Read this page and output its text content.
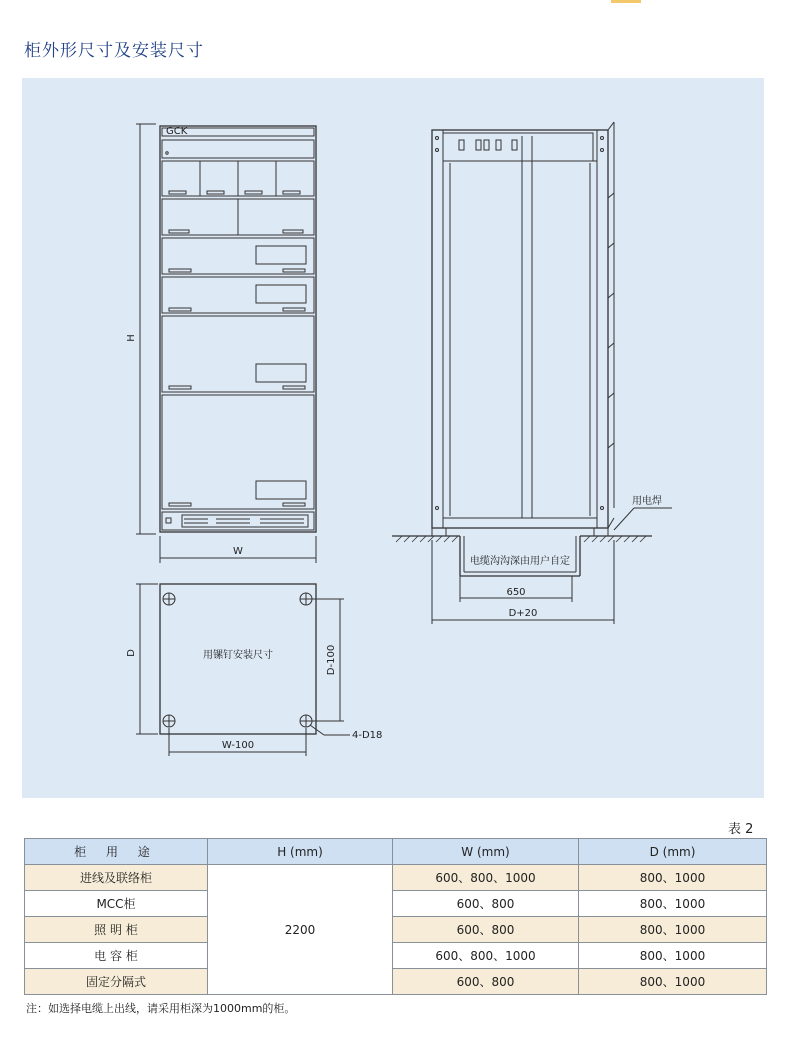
柜外形尺寸及安装尺寸
GCK
H
W
D	D-100
W-100
4-D18
用镙钉安装尺寸
用电焊
电缆沟沟深由用户自定
650
D+20
表 2
柜 用 途	H (mm)	W (mm)	D (mm)
进线及联络柜	2200	600、800、1000	800、1000
MCC柜		600、800	800、1000
照 明 柜		600、800	800、1000
电 容 柜		600、800、1000	800、1000
固定分隔式		600、800	800、1000
注：如选择电缆上出线，请采用柜深为1000mm的柜。
